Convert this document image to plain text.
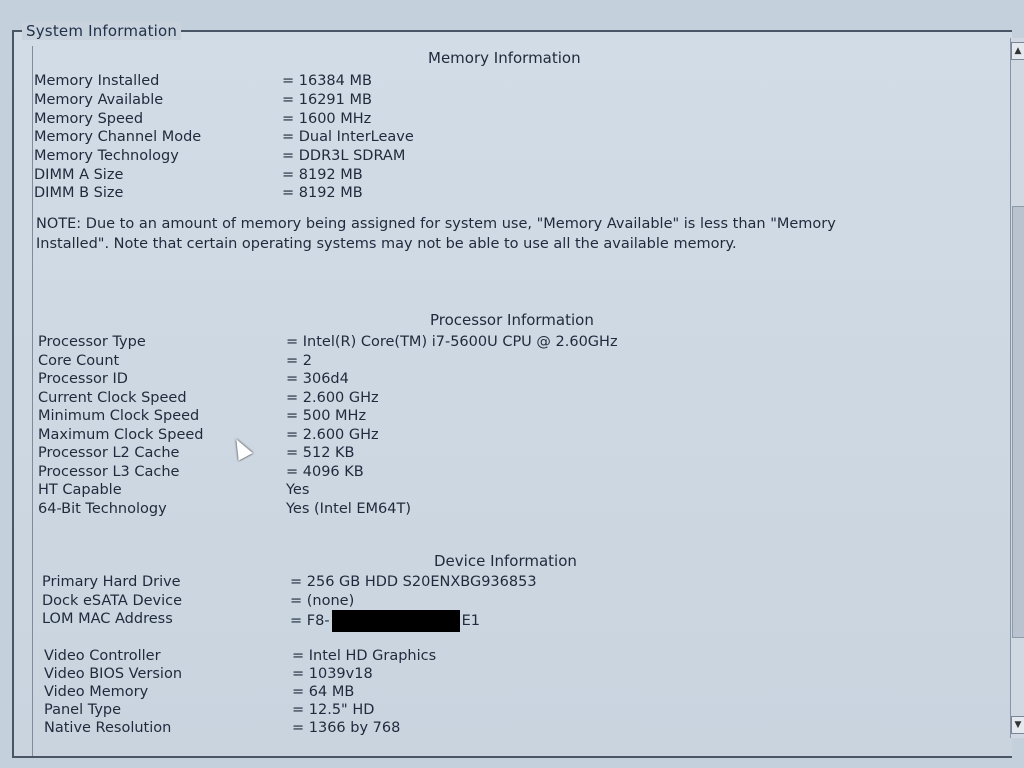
System Information
Memory Information
Memory Installed	= 16384 MB
Memory Available	= 16291 MB
Memory Speed	= 1600 MHz
Memory Channel Mode	= Dual InterLeave
Memory Technology	= DDR3L SDRAM
DIMM A Size	= 8192 MB
DIMM B Size	= 8192 MB
NOTE: Due to an amount of memory being assigned for system use, "Memory Available" is less than "Memory Installed". Note that certain operating systems may not be able to use all the available memory.
Processor Information
Processor Type	= Intel(R) Core(TM) i7-5600U CPU @ 2.60GHz
Core Count	= 2
Processor ID	= 306d4
Current Clock Speed	= 2.600 GHz
Minimum Clock Speed	= 500 MHz
Maximum Clock Speed	= 2.600 GHz
Processor L2 Cache	= 512 KB
Processor L3 Cache	= 4096 KB
HT Capable	Yes
64-Bit Technology	Yes (Intel EM64T)
Device Information
Primary Hard Drive	= 256 GB HDD S20ENXBG936853
Dock eSATA Device	= (none)
LOM MAC Address	= F8-	E1
Video Controller	= Intel HD Graphics
Video BIOS Version	= 1039v18
Video Memory	= 64 MB
Panel Type	= 12.5" HD
Native Resolution	= 1366 by 768
▲
▼
